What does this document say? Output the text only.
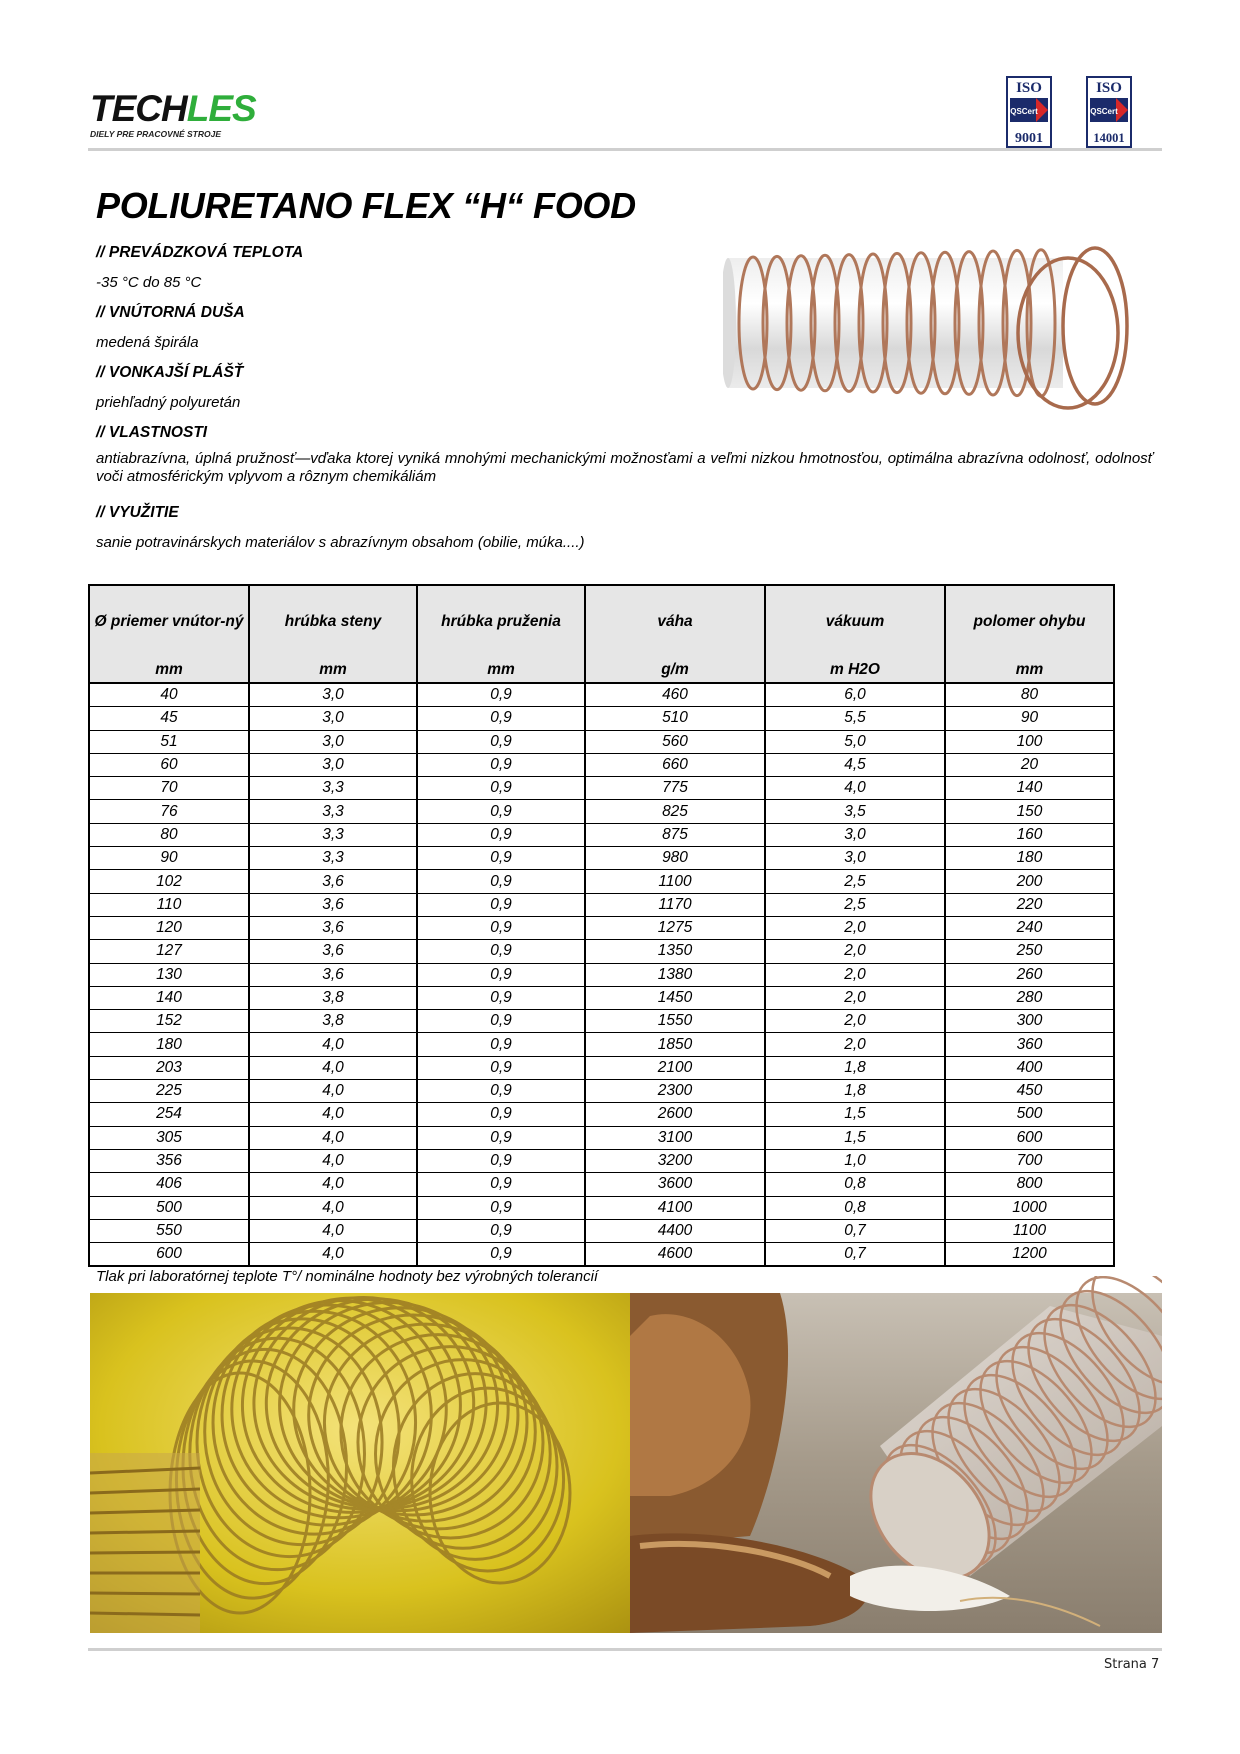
TECHLES
DIELY PRE PRACOVNÉ STROJE
ISO
QSCert
9001
ISO
QSCert
14001
POLIURETANO FLEX “H“ FOOD
// PREVÁDZKOVÁ TEPLOTA
-35 °C do 85 °C
// VNÚTORNÁ DUŠA
medená špirála
// VONKAJŠÍ PLÁŠŤ
priehľadný polyuretán
// VLASTNOSTI
antiabrazívna, úplná pružnosť—vďaka ktorej vyniká mnohými mechanickými možnosťami a veľmi nizkou hmotnosťou, optimálna abrazívna odolnosť, odolnosť voči atmosférickým vplyvom a rôznym chemikáliám
// VYUŽITIE
sanie potravinárskych materiálov s abrazívnym obsahom (obilie, múka....)
Ø priemer vnútor-ný	hrúbka steny	hrúbka pruženia	váha	vákuum	polomer ohybu
mm	mm	mm	g/m	m H2O	mm
40	3,0	0,9	460	6,0	80
45	3,0	0,9	510	5,5	90
51	3,0	0,9	560	5,0	100
60	3,0	0,9	660	4,5	20
70	3,3	0,9	775	4,0	140
76	3,3	0,9	825	3,5	150
80	3,3	0,9	875	3,0	160
90	3,3	0,9	980	3,0	180
102	3,6	0,9	1100	2,5	200
110	3,6	0,9	1170	2,5	220
120	3,6	0,9	1275	2,0	240
127	3,6	0,9	1350	2,0	250
130	3,6	0,9	1380	2,0	260
140	3,8	0,9	1450	2,0	280
152	3,8	0,9	1550	2,0	300
180	4,0	0,9	1850	2,0	360
203	4,0	0,9	2100	1,8	400
225	4,0	0,9	2300	1,8	450
254	4,0	0,9	2600	1,5	500
305	4,0	0,9	3100	1,5	600
356	4,0	0,9	3200	1,0	700
406	4,0	0,9	3600	0,8	800
500	4,0	0,9	4100	0,8	1000
550	4,0	0,9	4400	0,7	1100
600	4,0	0,9	4600	0,7	1200
Tlak pri laboratórnej teplote T°/ nominálne hodnoty bez výrobných tolerancií
Strana 7
